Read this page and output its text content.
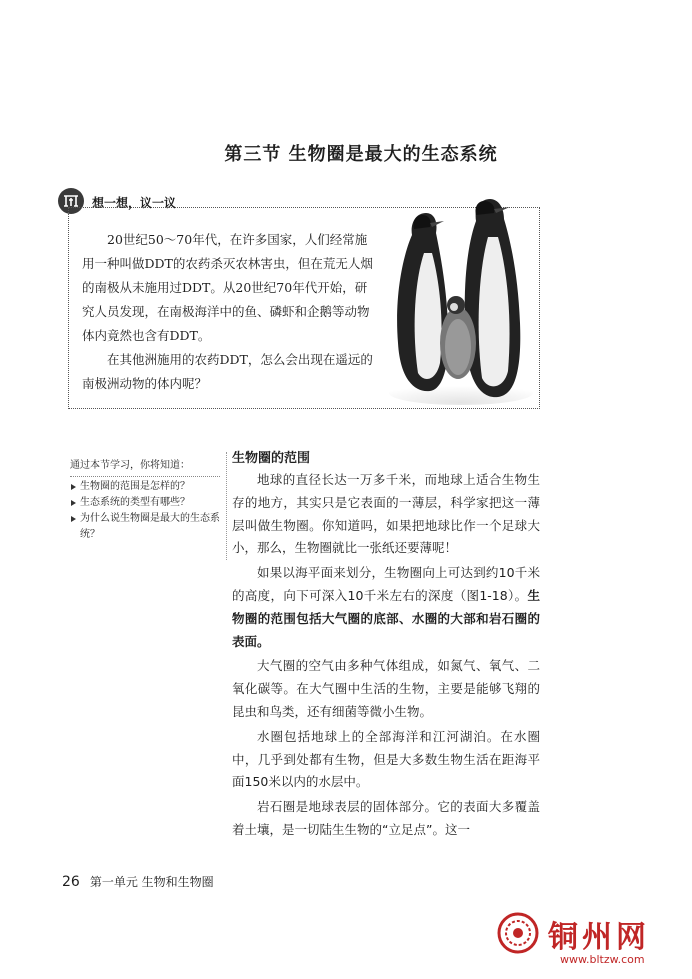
第三节 生物圈是最大的生态系统
想一想，议一议

20世纪50～70年代，在许多国家，人们经常施用一种叫做DDT的农药杀灭农林害虫，但在荒无人烟的南极从未施用过DDT。从20世纪70年代开始，研究人员发现，在南极海洋中的鱼、磷虾和企鹅等动物体内竟然也含有DDT。

在其他洲施用的农药DDT，怎么会出现在遥远的南极洲动物的体内呢？

通过本节学习，你将知道：
生物圈的范围是怎样的？
生态系统的类型有哪些？
为什么说生物圈是最大的生态系统？
生物圈的范围

地球的直径长达一万多千米，而地球上适合生物生存的地方，其实只是它表面的一薄层，科学家把这一薄层叫做生物圈。你知道吗，如果把地球比作一个足球大小，那么，生物圈就比一张纸还要薄呢！

如果以海平面来划分，生物圈向上可达到约10千米的高度，向下可深入10千米左右的深度（图1-18）。生物圈的范围包括大气圈的底部、水圈的大部和岩石圈的表面。

大气圈的空气由多种气体组成，如氮气、氧气、二氧化碳等。在大气圈中生活的生物，主要是能够飞翔的昆虫和鸟类，还有细菌等微小生物。

水圈包括地球上的全部海洋和江河湖泊。在水圈中，几乎到处都有生物，但是大多数生物生活在距海平面150米以内的水层中。

岩石圈是地球表层的固体部分。它的表面大多覆盖着土壤，是一切陆生生物的“立足点”。这一

26 第一单元 生物和生物圈
铜州网
www.bltzw.com
